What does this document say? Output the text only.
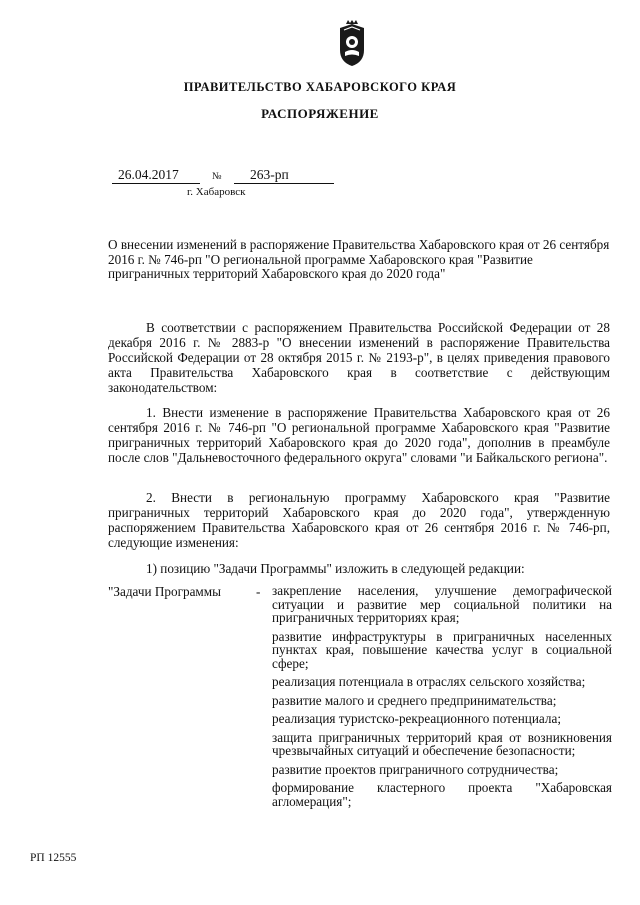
ПРАВИТЕЛЬСТВО ХАБАРОВСКОГО КРАЯ
РАСПОРЯЖЕНИЕ
26.04.2017	№	263-рп
г. Хабаровск
О внесении изменений в распоряжение Правительства Хабаровского края от 26 сентября 2016 г. № 746-рп "О региональной программе Хабаровского края "Развитие приграничных территорий Хабаровского края до 2020 года"

В соответствии с распоряжением Правительства Российской Федерации от 28 декабря 2016 г. № 2883-р "О внесении изменений в распоряжение Правительства Российской Федерации от 28 октября 2015 г. № 2193-р", в целях приведения правового акта Правительства Хабаровского края в соответствие с действующим законодательством:

1. Внести изменение в распоряжение Правительства Хабаровского края от 26 сентября 2016 г. № 746-рп "О региональной программе Хабаровского края "Развитие приграничных территорий Хабаровского края до 2020 года", дополнив в преамбуле после слов "Дальневосточного федерального округа" словами "и Байкальского региона".

2. Внести в региональную программу Хабаровского края "Развитие приграничных территорий Хабаровского края до 2020 года", утвержденную распоряжением Правительства Хабаровского края от 26 сентября 2016 г. № 746-рп, следующие изменения:

1) позицию "Задачи Программы" изложить в следующей редакции:

"Задачи Программы	- закрепление населения, улучшение демографической ситуации и развитие мер социальной политики на приграничных территориях края;

развитие инфраструктуры в приграничных населенных пунктах края, повышение качества услуг в социальной сфере;

реализация потенциала в отраслях сельского хозяйства;

развитие малого и среднего предпринимательства;

реализация туристско-рекреационного потенциала;

защита приграничных территорий края от возникновения чрезвычайных ситуаций и обеспечение безопасности;

развитие проектов приграничного сотрудничества;

формирование кластерного проекта "Хабаровская агломерация";

РП 12555
